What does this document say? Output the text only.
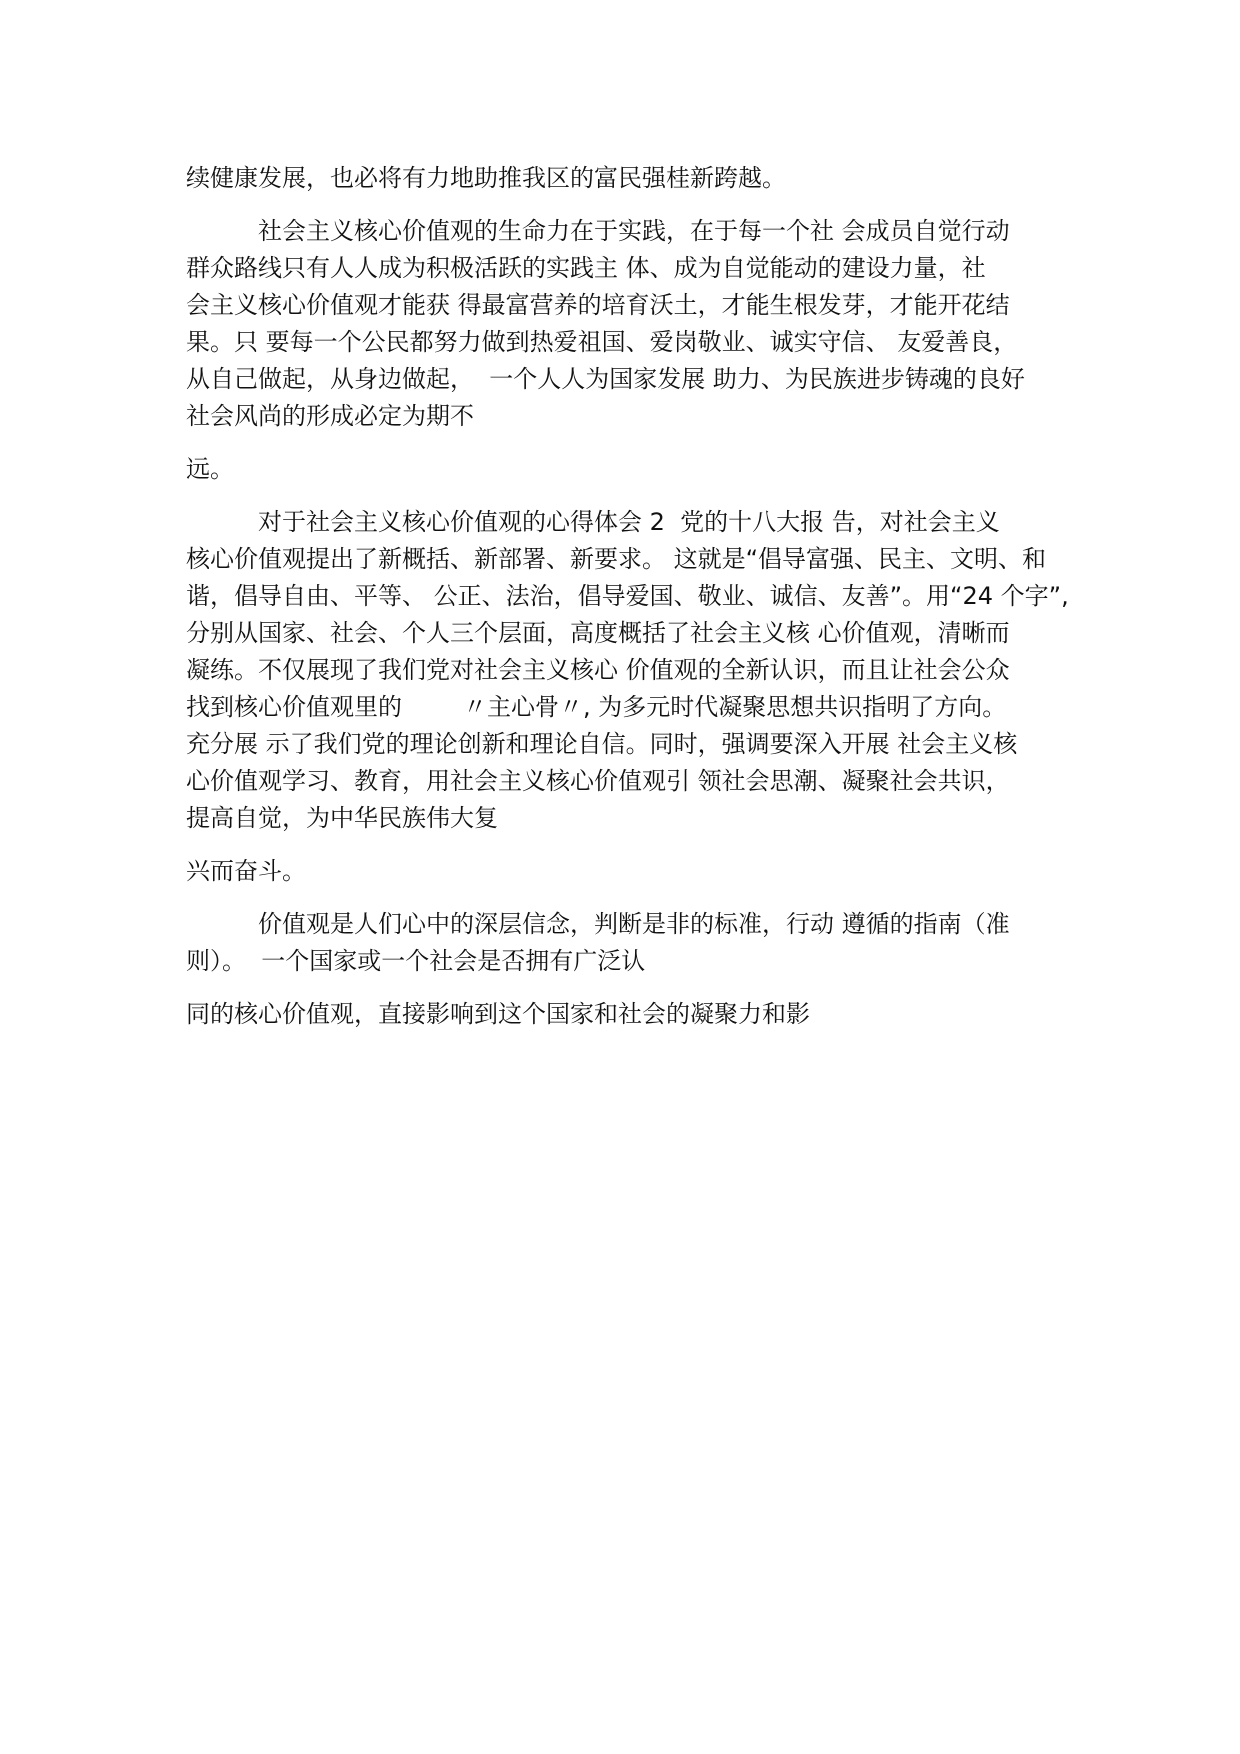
续健康发展，也必将有力地助推我区的富民强桂新跨越。
社会主义核心价值观的生命力在于实践，在于每一个社 会成员自觉行动
群众路线只有人人成为积极活跃的实践主 体、成为自觉能动的建设力量，社
会主义核心价值观才能获 得最富营养的培育沃土，才能生根发芽，才能开花结
果。只 要每一个公民都努力做到热爱祖国、爱岗敬业、诚实守信、 友爱善良，
从自己做起，从身边做起，  一个人人为国家发展 助力、为民族进步铸魂的良好
社会风尚的形成必定为期不
远。
对于社会主义核心价值观的心得体会 2  党的十八大报 告，对社会主义
核心价值观提出了新概括、新部署、新要求。 这就是“倡导富强、民主、文明、和
谐，倡导自由、平等、 公正、法治，倡导爱国、敬业、诚信、友善”。用“24 个字”,
分别从国家、社会、个人三个层面，高度概括了社会主义核 心价值观，清晰而
凝练。不仅展现了我们党对社会主义核心 价值观的全新认识，而且让社会公众
找到核心价值观里的        〃主心骨〃, 为多元时代凝聚思想共识指明了方向。
充分展 示了我们党的理论创新和理论自信。同时，强调要深入开展 社会主义核
心价值观学习、教育，用社会主义核心价值观引 领社会思潮、凝聚社会共识，
提高自觉，为中华民族伟大复
兴而奋斗。
价值观是人们心中的深层信念，判断是非的标准，行动 遵循的指南（准
则）。  一个国家或一个社会是否拥有广泛认
同的核心价值观，直接影响到这个国家和社会的凝聚力和影
